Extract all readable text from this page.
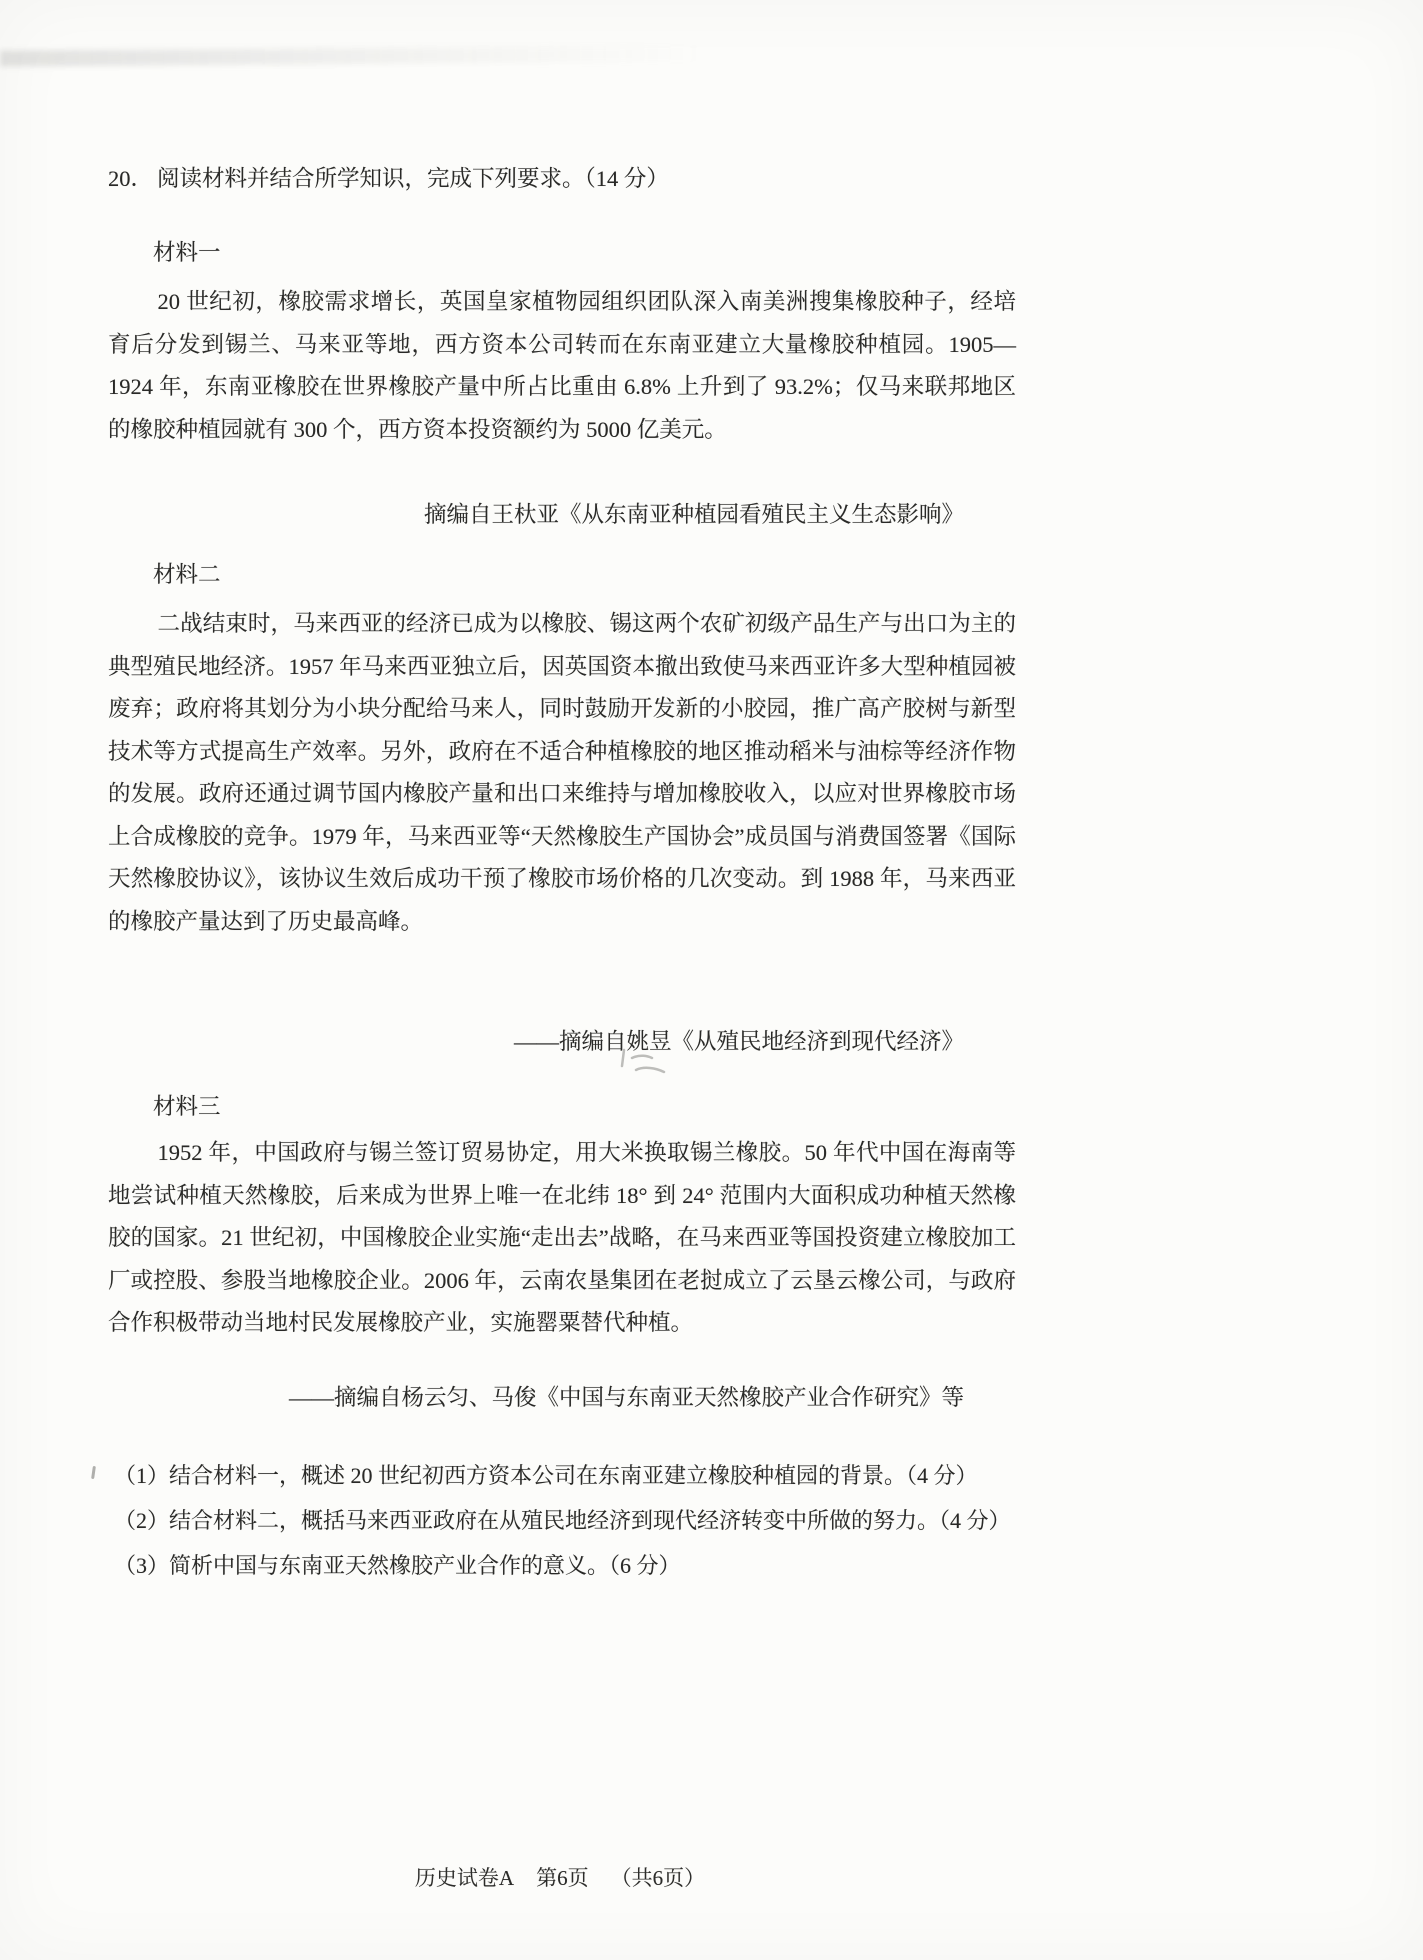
20． 阅读材料并结合所学知识，完成下列要求。（14 分）
材料一

20 世纪初，橡胶需求增长，英国皇家植物园组织团队深入南美洲搜集橡胶种子，经培育后分发到锡兰、马来亚等地，西方资本公司转而在东南亚建立大量橡胶种植园。1905—1924 年，东南亚橡胶在世界橡胶产量中所占比重由 6.8% 上升到了 93.2%；仅马来联邦地区的橡胶种植园就有 300 个，西方资本投资额约为 5000 亿美元。

摘编自王杕亚《从东南亚种植园看殖民主义生态影响》

材料二

二战结束时，马来西亚的经济已成为以橡胶、锡这两个农矿初级产品生产与出口为主的典型殖民地经济。1957 年马来西亚独立后，因英国资本撤出致使马来西亚许多大型种植园被废弃；政府将其划分为小块分配给马来人，同时鼓励开发新的小胶园，推广高产胶树与新型技术等方式提高生产效率。另外，政府在不适合种植橡胶的地区推动稻米与油棕等经济作物的发展。政府还通过调节国内橡胶产量和出口来维持与增加橡胶收入，以应对世界橡胶市场上合成橡胶的竞争。1979 年，马来西亚等“天然橡胶生产国协会”成员国与消费国签署《国际天然橡胶协议》，该协议生效后成功干预了橡胶市场价格的几次变动。到 1988 年，马来西亚的橡胶产量达到了历史最高峰。

——摘编自姚昱《从殖民地经济到现代经济》

材料三

1952 年，中国政府与锡兰签订贸易协定，用大米换取锡兰橡胶。50 年代中国在海南等地尝试种植天然橡胶，后来成为世界上唯一在北纬 18° 到 24° 范围内大面积成功种植天然橡胶的国家。21 世纪初，中国橡胶企业实施“走出去”战略，在马来西亚等国投资建立橡胶加工厂或控股、参股当地橡胶企业。2006 年，云南农垦集团在老挝成立了云垦云橡公司，与政府合作积极带动当地村民发展橡胶产业，实施罂粟替代种植。

——摘编自杨云匀、马俊《中国与东南亚天然橡胶产业合作研究》等

（1）结合材料一，概述 20 世纪初西方资本公司在东南亚建立橡胶种植园的背景。（4 分）

（2）结合材料二，概括马来西亚政府在从殖民地经济到现代经济转变中所做的努力。（4 分）

（3）简析中国与东南亚天然橡胶产业合作的意义。（6 分）

历史试卷A 第6页 （共6页）
